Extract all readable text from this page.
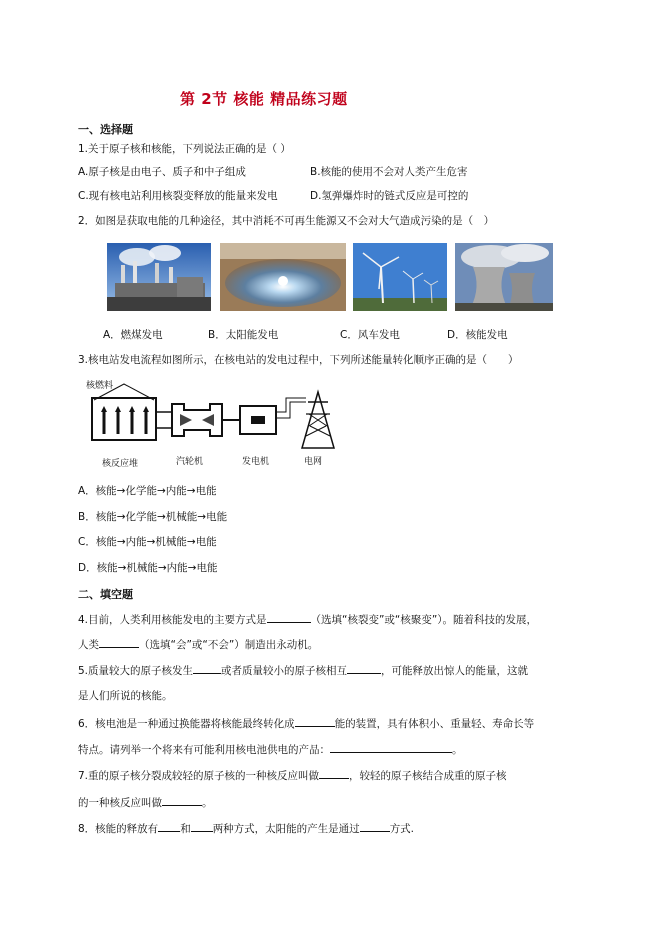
第 2节 核能 精品练习题
一、选择题
1.关于原子核和核能，下列说法正确的是（ ）
A.原子核是由电子、质子和中子组成	B.核能的使用不会对人类产生危害
C.现有核电站利用核裂变释放的能量来发电	D.氢弹爆炸时的链式反应是可控的
2．如图是获取电能的几种途径，其中消耗不可再生能源又不会对大气造成污染的是（　）
A．燃煤发电	B．太阳能发电	C．风车发电	D．核能发电
3.核电站发电流程如图所示，在核电站的发电过程中，下列所述能量转化顺序正确的是（　　）
核燃料
核反应堆	汽轮机	发电机	电网
A．核能→化学能→内能→电能
B．核能→化学能→机械能→电能
C．核能→内能→机械能→电能
D．核能→机械能→内能→电能
二、填空题
4.目前，人类利用核能发电的主要方式是	（选填“核裂变”或“核聚变”）。随着科技的发展，
人类	（选填“会”或“不会”）制造出永动机。
5.质量较大的原子核发生	或者质量较小的原子核相互	，可能释放出惊人的能量，这就
是人们所说的核能。
6．核电池是一种通过换能器将核能最终转化成	能的装置，具有体积小、重量轻、寿命长等
特点。请列举一个将来有可能利用核电池供电的产品：	。
7.重的原子核分裂成较轻的原子核的一种核反应叫做	，较轻的原子核结合成重的原子核
的一种核反应叫做	。
8．核能的释放有 和 两种方式，太阳能的产生是通过	方式.
